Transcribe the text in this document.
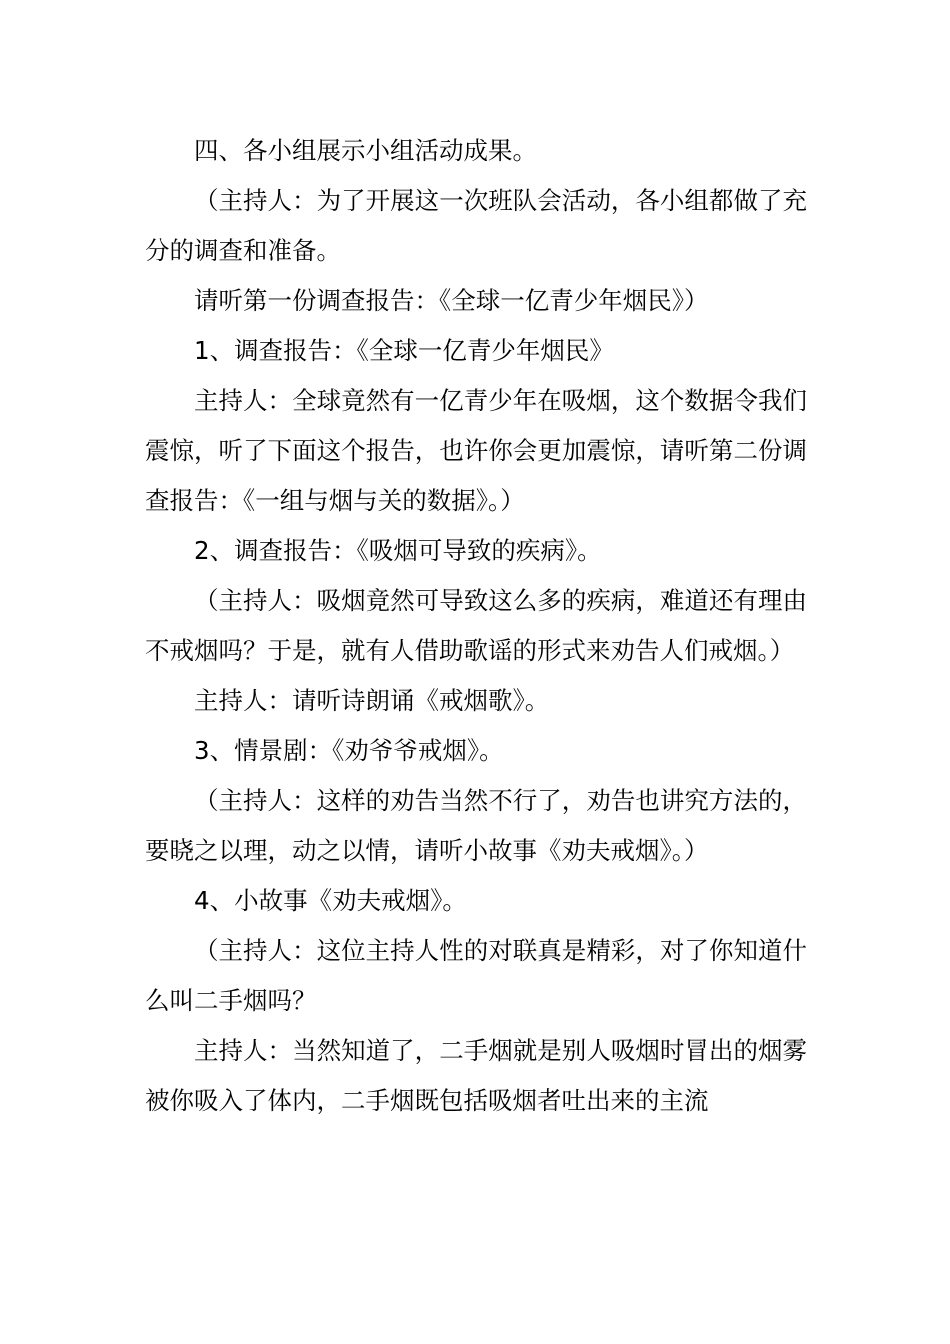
四、各小组展示小组活动成果。

（主持人：为了开展这一次班队会活动，各小组都做了充分的调查和准备。

请听第一份调查报告：《全球一亿青少年烟民》）

1、调查报告：《全球一亿青少年烟民》

主持人：全球竟然有一亿青少年在吸烟，这个数据令我们震惊，听了下面这个报告，也许你会更加震惊，请听第二份调查报告：《一组与烟与关的数据》。）

2、调查报告：《吸烟可导致的疾病》。

（主持人：吸烟竟然可导致这么多的疾病，难道还有理由不戒烟吗？于是，就有人借助歌谣的形式来劝告人们戒烟。）

主持人：请听诗朗诵《戒烟歌》。

3、情景剧：《劝爷爷戒烟》。

（主持人：这样的劝告当然不行了，劝告也讲究方法的，要晓之以理，动之以情，请听小故事《劝夫戒烟》。）

4、小故事《劝夫戒烟》。

（主持人：这位主持人性的对联真是精彩，对了你知道什么叫二手烟吗？

主持人：当然知道了，二手烟就是别人吸烟时冒出的烟雾被你吸入了体内，二手烟既包括吸烟者吐出来的主流
